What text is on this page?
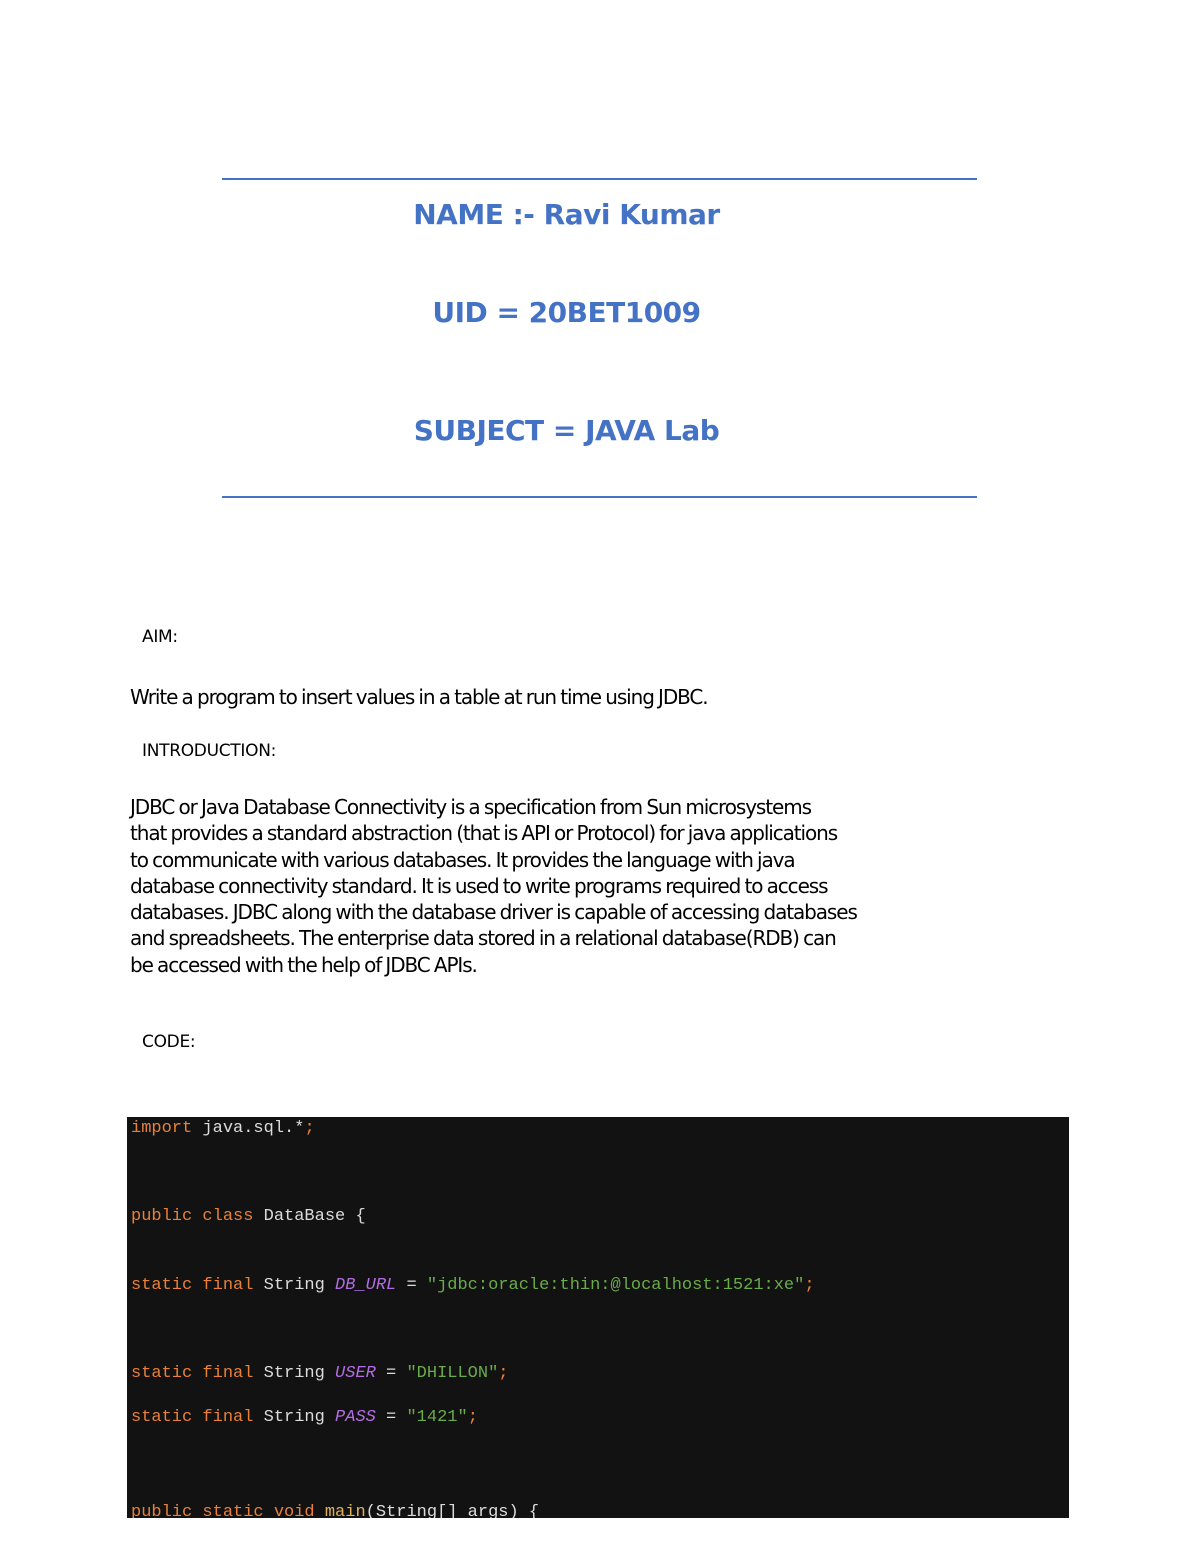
NAME :- Ravi Kumar
UID = 20BET1009
SUBJECT = JAVA Lab
AIM:
Write a program to insert values in a table at run time using JDBC.
INTRODUCTION:
JDBC or Java Database Connectivity is a specification from Sun microsystems
that provides a standard abstraction (that is API or Protocol) for java applications
to communicate with various databases. It provides the language with java
database connectivity standard. It is used to write programs required to access
databases. JDBC along with the database driver is capable of accessing databases
and spreadsheets. The enterprise data stored in a relational database(RDB) can
be accessed with the help of JDBC APIs.
CODE:
import java.sql.*;
public class DataBase {
static final String DB_URL = "jdbc:oracle:thin:@localhost:1521:xe";
static final String USER = "DHILLON";
static final String PASS = "1421";
public static void main(String[] args) {
